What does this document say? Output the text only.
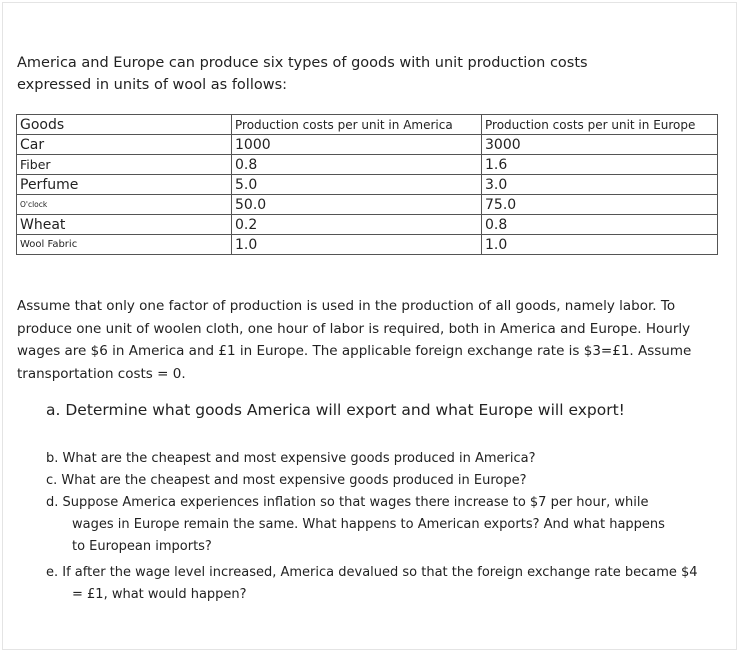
America and Europe can produce six types of goods with unit production costs
expressed in units of wool as follows:
Goods	Production costs per unit in America	Production costs per unit in Europe
Car	1000	3000
Fiber	0.8	1.6
Perfume	5.0	3.0
O'clock	50.0	75.0
Wheat	0.2	0.8
Wool Fabric	1.0	1.0
Assume that only one factor of production is used in the production of all goods, namely labor. To
produce one unit of woolen cloth, one hour of labor is required, both in America and Europe. Hourly
wages are $6 in America and £1 in Europe. The applicable foreign exchange rate is $3=£1. Assume
transportation costs = 0.
a. Determine what goods America will export and what Europe will export!
b. What are the cheapest and most expensive goods produced in America?
c. What are the cheapest and most expensive goods produced in Europe?
d. Suppose America experiences inflation so that wages there increase to $7 per hour, while
wages in Europe remain the same. What happens to American exports? And what happens
to European imports?
e. If after the wage level increased, America devalued so that the foreign exchange rate became $4
= £1, what would happen?
